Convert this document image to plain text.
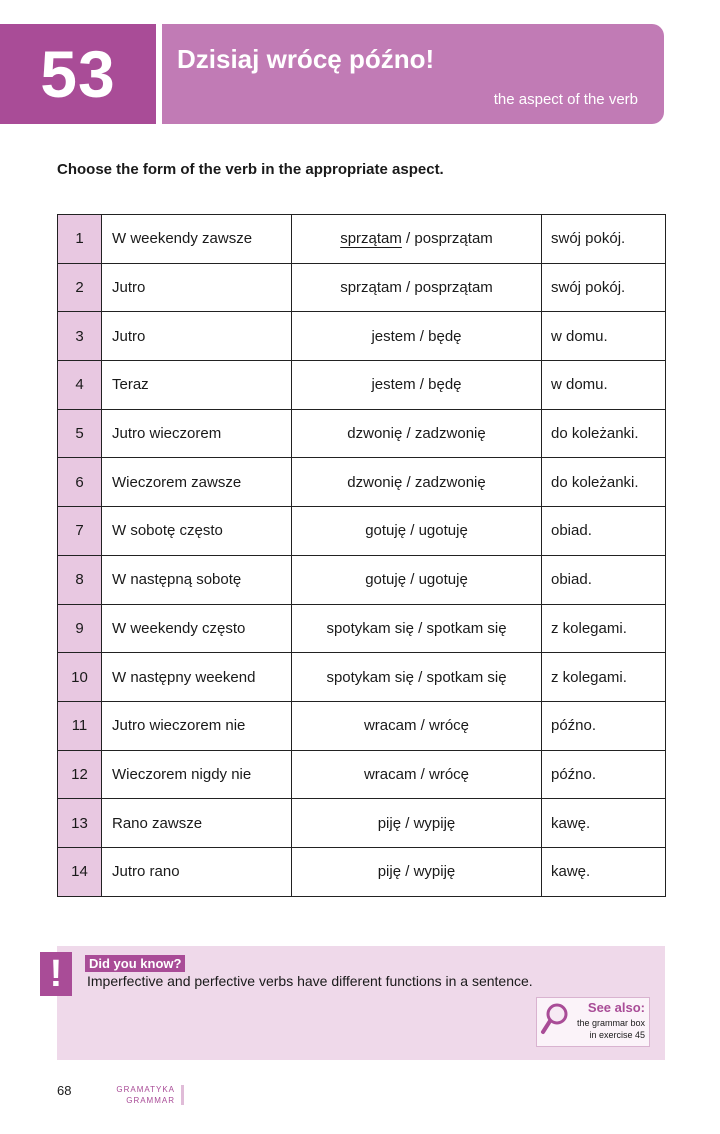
53	Dzisiaj wrócę późno!
the aspect of the verb
Choose the form of the verb in the appropriate aspect.
1	W weekendy zawsze	sprzątam / posprzątam	swój pokój.
2	Jutro	sprzątam / posprzątam	swój pokój.
3	Jutro	jestem / będę	w domu.
4	Teraz	jestem / będę	w domu.
5	Jutro wieczorem	dzwonię / zadzwonię	do koleżanki.
6	Wieczorem zawsze	dzwonię / zadzwonię	do koleżanki.
7	W sobotę często	gotuję / ugotuję	obiad.
8	W następną sobotę	gotuję / ugotuję	obiad.
9	W weekendy często	spotykam się / spotkam się	z kolegami.
10	W następny weekend	spotykam się / spotkam się	z kolegami.
11	Jutro wieczorem nie	wracam / wrócę	późno.
12	Wieczorem nigdy nie	wracam / wrócę	późno.
13	Rano zawsze	piję / wypiję	kawę.
14	Jutro rano	piję / wypiję	kawę.
!	Did you know?
Imperfective and perfective verbs have different functions in a sentence.
See also:
the grammar box
in exercise 45
68	GRAMATYKA
GRAMMAR
